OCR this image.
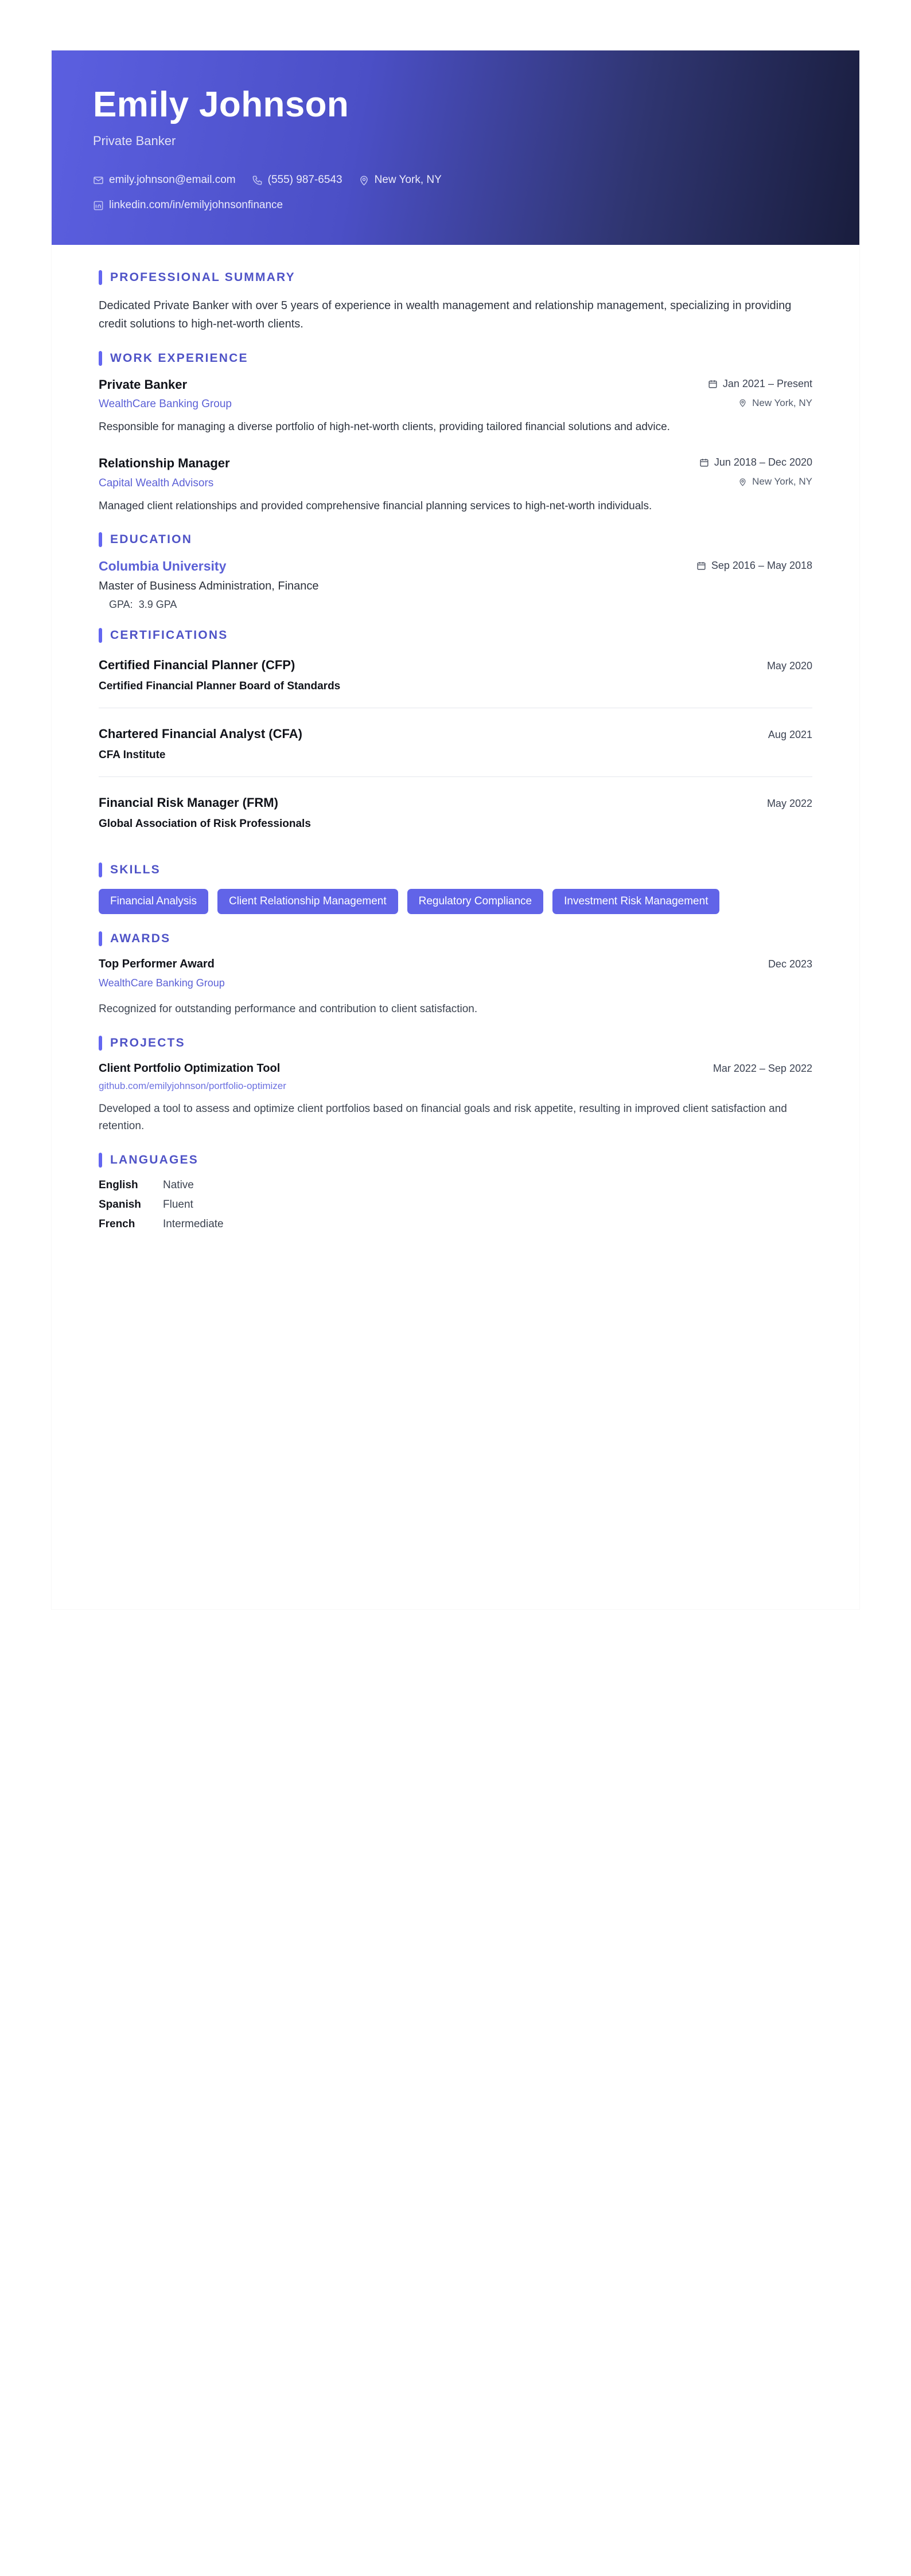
Emily Johnson
Private Banker
emily.johnson@email.com	(555) 987-6543	New York, NY
linkedin.com/in/emilyjohnsonfinance
PROFESSIONAL SUMMARY
Dedicated Private Banker with over 5 years of experience in wealth management and relationship management, specializing in providing credit solutions to high-net-worth clients.
WORK EXPERIENCE
Private Banker	Jan 2021 – Present
WealthCare Banking Group	New York, NY
Responsible for managing a diverse portfolio of high-net-worth clients, providing tailored financial solutions and advice.
Relationship Manager	Jun 2018 – Dec 2020
Capital Wealth Advisors	New York, NY
Managed client relationships and provided comprehensive financial planning services to high-net-worth individuals.
EDUCATION
Columbia University	Sep 2016 – May 2018
Master of Business Administration, Finance
GPA: 3.9 GPA
CERTIFICATIONS
Certified Financial Planner (CFP)	May 2020
Certified Financial Planner Board of Standards
Chartered Financial Analyst (CFA)	Aug 2021
CFA Institute
Financial Risk Manager (FRM)	May 2022
Global Association of Risk Professionals
SKILLS
Financial Analysis	Client Relationship Management	Regulatory Compliance	Investment Risk Management
AWARDS
Top Performer Award	Dec 2023
WealthCare Banking Group
Recognized for outstanding performance and contribution to client satisfaction.
PROJECTS
Client Portfolio Optimization Tool	Mar 2022 – Sep 2022
github.com/emilyjohnson/portfolio-optimizer
Developed a tool to assess and optimize client portfolios based on financial goals and risk appetite, resulting in improved client satisfaction and retention.
LANGUAGES
English	Native
Spanish	Fluent
French	Intermediate
